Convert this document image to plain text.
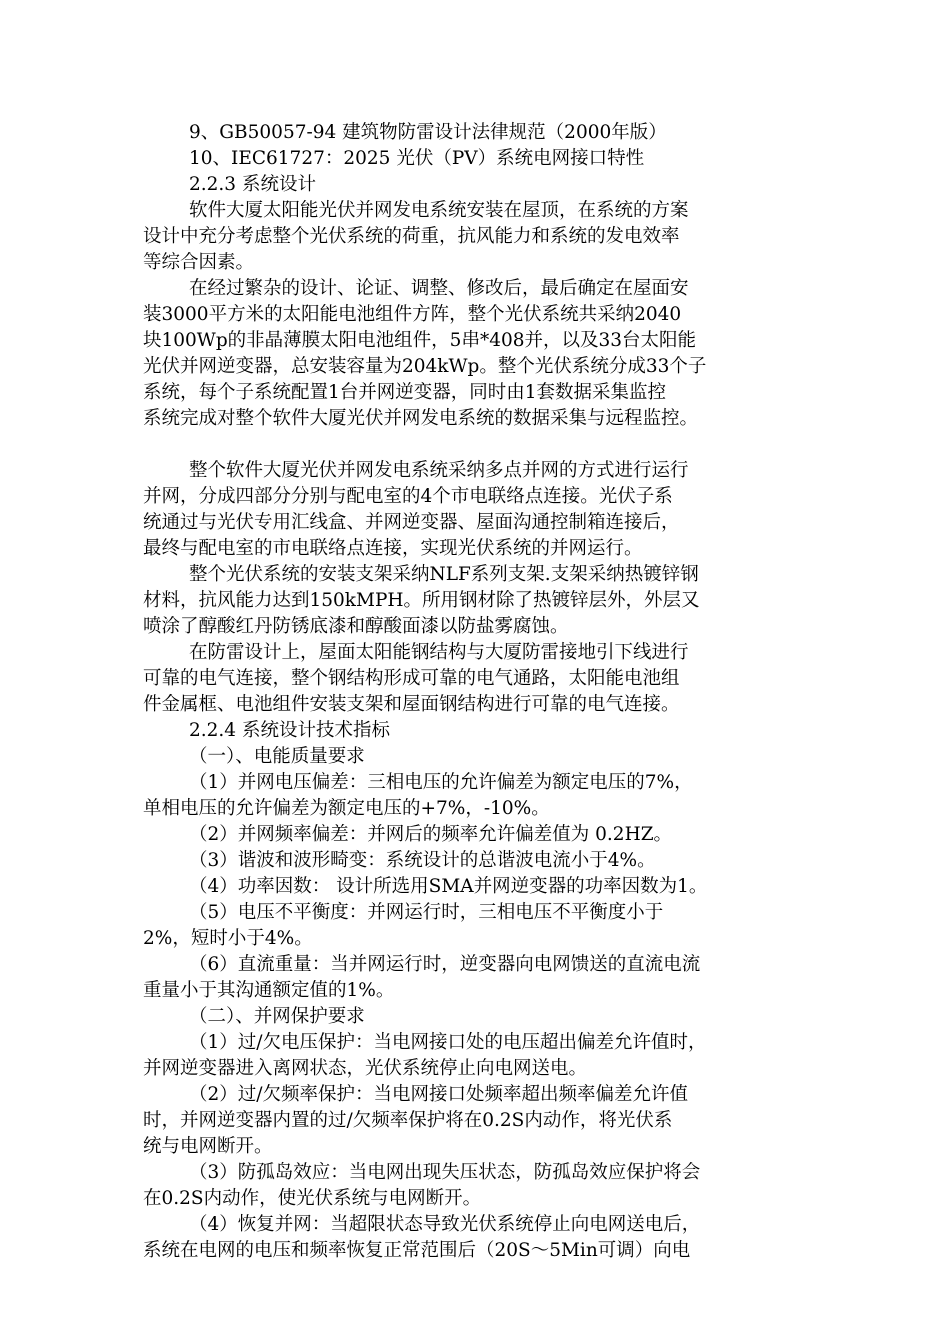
9、GB50057-94 建筑物防雷设计法律规范（2000年版）
10、IEC61727：2025 光伏（PV）系统电网接口特性
2.2.3 系统设计
软件大厦太阳能光伏并网发电系统安装在屋顶，在系统的方案
设计中充分考虑整个光伏系统的荷重，抗风能力和系统的发电效率
等综合因素。
在经过繁杂的设计、论证、调整、修改后，最后确定在屋面安
装3000平方米的太阳能电池组件方阵，整个光伏系统共采纳2040
块100Wp的非晶薄膜太阳电池组件，5串*408并，以及33台太阳能
光伏并网逆变器，总安装容量为204kWp。整个光伏系统分成33个子
系统，每个子系统配置1台并网逆变器，同时由1套数据采集监控
系统完成对整个软件大厦光伏并网发电系统的数据采集与远程监控。
整个软件大厦光伏并网发电系统采纳多点并网的方式进行运行
并网，分成四部分分别与配电室的4个市电联络点连接。光伏子系
统通过与光伏专用汇线盒、并网逆变器、屋面沟通控制箱连接后，
最终与配电室的市电联络点连接，实现光伏系统的并网运行。
整个光伏系统的安装支架采纳NLF系列支架.支架采纳热镀锌钢
材料，抗风能力达到150kMPH。所用钢材除了热镀锌层外，外层又
喷涂了醇酸红丹防锈底漆和醇酸面漆以防盐雾腐蚀。
在防雷设计上，屋面太阳能钢结构与大厦防雷接地引下线进行
可靠的电气连接，整个钢结构形成可靠的电气通路，太阳能电池组
件金属框、电池组件安装支架和屋面钢结构进行可靠的电气连接。
2.2.4 系统设计技术指标
（一）、电能质量要求
（1）并网电压偏差：三相电压的允许偏差为额定电压的7%，
单相电压的允许偏差为额定电压的+7%，-10%。
（2）并网频率偏差：并网后的频率允许偏差值为 0.2HZ。
（3）谐波和波形畸变：系统设计的总谐波电流小于4%。
（4）功率因数： 设计所选用SMA并网逆变器的功率因数为1。
（5）电压不平衡度：并网运行时，三相电压不平衡度小于
2%，短时小于4%。
（6）直流重量：当并网运行时，逆变器向电网馈送的直流电流
重量小于其沟通额定值的1%。
（二）、并网保护要求
（1）过/欠电压保护：当电网接口处的电压超出偏差允许值时，
并网逆变器进入离网状态，光伏系统停止向电网送电。
（2）过/欠频率保护：当电网接口处频率超出频率偏差允许值
时，并网逆变器内置的过/欠频率保护将在0.2S内动作，将光伏系
统与电网断开。
（3）防孤岛效应：当电网出现失压状态，防孤岛效应保护将会
在0.2S内动作，使光伏系统与电网断开。
（4）恢复并网：当超限状态导致光伏系统停止向电网送电后，
系统在电网的电压和频率恢复正常范围后（20S～5Min可调）向电
